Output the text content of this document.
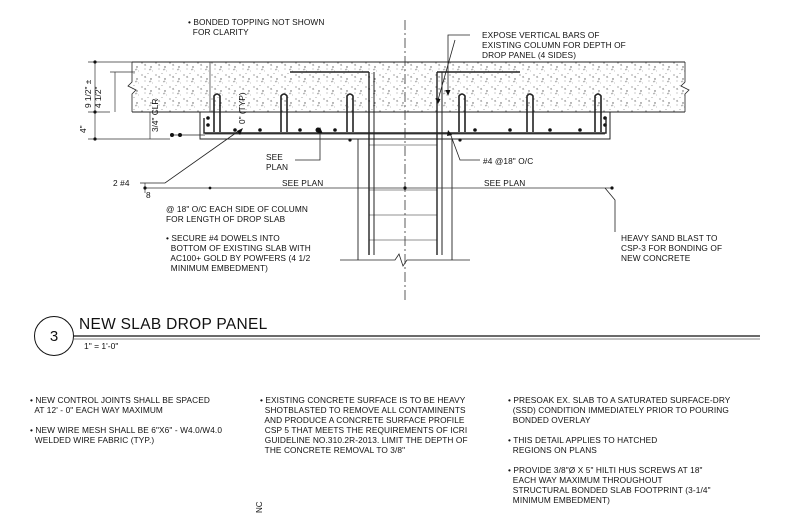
• BONDED TOPPING NOT SHOWN
FOR CLARITY	EXPOSE VERTICAL BARS OF
EXISTING COLUMN FOR DEPTH OF
DROP PANEL (4 SIDES)
SEE
PLAN
#4 @18" O/C
2 #4
8
SEE PLAN	SEE PLAN
@ 18" O/C EACH SIDE OF COLUMN
FOR LENGTH OF DROP SLAB
• SECURE #4 DOWELS INTO
BOTTOM OF EXISTING SLAB WITH
AC100+ GOLD BY POWFERS (4 1/2
MINIMUM EMBEDMENT)
HEAVY SAND BLAST TO
CSP-3 FOR BONDING OF
NEW CONCRETE
9 1/2" ± 4 1/2"
3/4" CLR	0" (TYP)
4"
3
NEW SLAB DROP PANEL
1" = 1'-0"
• NEW CONTROL JOINTS SHALL BE SPACED
AT 12' - 0" EACH WAY MAXIMUM
• NEW WIRE MESH SHALL BE 6"X6" - W4.0/W4.0
WELDED WIRE FABRIC (TYP.)
• EXISTING CONCRETE SURFACE IS TO BE HEAVY
SHOTBLASTED TO REMOVE ALL CONTAMINENTS
AND PRODUCE A CONCRETE SURFACE PROFILE
CSP 5 THAT MEETS THE REQUIREMENTS OF ICRI
GUIDELINE NO.310.2R-2013. LIMIT THE DEPTH OF
THE CONCRETE REMOVAL TO 3/8"
• PRESOAK EX. SLAB TO A SATURATED SURFACE-DRY
(SSD) CONDITION IMMEDIATELY PRIOR TO POURING
BONDED OVERLAY
• THIS DETAIL APPLIES TO HATCHED
REGIONS ON PLANS
• PROVIDE 3/8"Ø X 5" HILTI HUS SCREWS AT 18"
EACH WAY MAXIMUM THROUGHOUT
STRUCTURAL BONDED SLAB FOOTPRINT (3-1/4"
MINIMUM EMBEDMENT)
NC
